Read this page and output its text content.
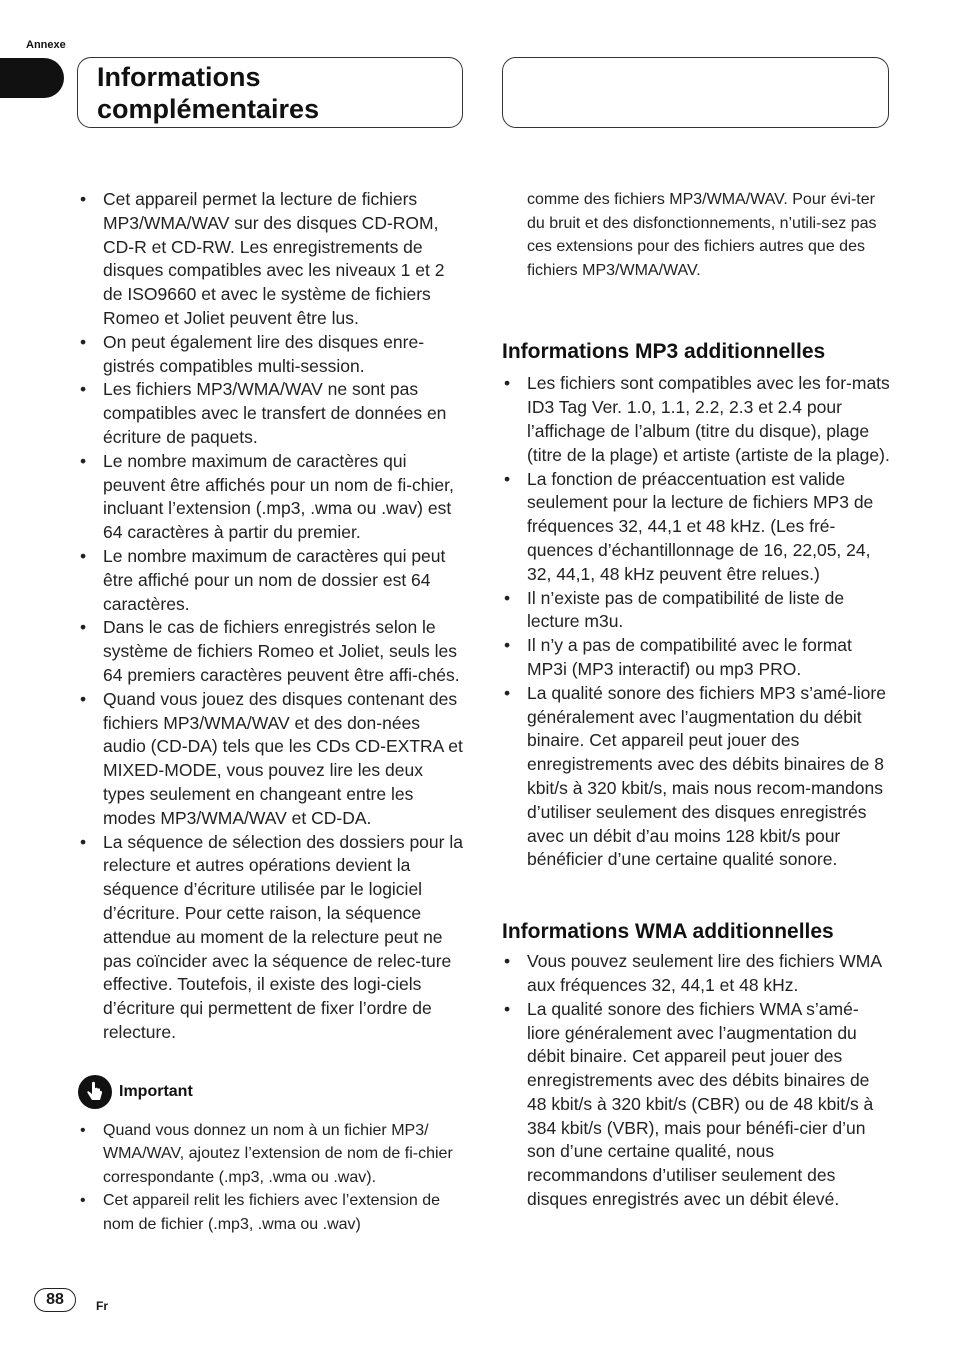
Annexe
Informations
complémentaires
• Cet appareil permet la lecture de fichiers MP3/WMA/WAV sur des disques CD-ROM, CD-R et CD-RW. Les enregistrements de disques compatibles avec les niveaux 1 et 2 de ISO9660 et avec le système de fichiers Romeo et Joliet peuvent être lus.
• On peut également lire des disques enre-gistrés compatibles multi-session.
• Les fichiers MP3/WMA/WAV ne sont pas compatibles avec le transfert de données en écriture de paquets.
• Le nombre maximum de caractères qui peuvent être affichés pour un nom de fi-chier, incluant l’extension (.mp3, .wma ou .wav) est 64 caractères à partir du premier.
• Le nombre maximum de caractères qui peut être affiché pour un nom de dossier est 64 caractères.
• Dans le cas de fichiers enregistrés selon le système de fichiers Romeo et Joliet, seuls les 64 premiers caractères peuvent être affi-chés.
• Quand vous jouez des disques contenant des fichiers MP3/WMA/WAV et des don-nées audio (CD-DA) tels que les CDs CD-EXTRA et MIXED-MODE, vous pouvez lire les deux types seulement en changeant entre les modes MP3/WMA/WAV et CD-DA.
• La séquence de sélection des dossiers pour la relecture et autres opérations devient la séquence d’écriture utilisée par le logiciel d’écriture. Pour cette raison, la séquence attendue au moment de la relecture peut ne pas coïncider avec la séquence de relec-ture effective. Toutefois, il existe des logi-ciels d’écriture qui permettent de fixer l’ordre de relecture.
Important
• Quand vous donnez un nom à un fichier MP3/ WMA/WAV, ajoutez l’extension de nom de fi-chier correspondante (.mp3, .wma ou .wav).
• Cet appareil relit les fichiers avec l’extension de nom de fichier (.mp3, .wma ou .wav)

comme des fichiers MP3/WMA/WAV. Pour évi-ter du bruit et des disfonctionnements, n’utili-sez pas ces extensions pour des fichiers autres que des fichiers MP3/WMA/WAV.

Informations MP3 additionnelles
• Les fichiers sont compatibles avec les for-mats ID3 Tag Ver. 1.0, 1.1, 2.2, 2.3 et 2.4 pour l’affichage de l’album (titre du disque), plage (titre de la plage) et artiste (artiste de la plage).
• La fonction de préaccentuation est valide seulement pour la lecture de fichiers MP3 de fréquences 32, 44,1 et 48 kHz. (Les fré-quences d’échantillonnage de 16, 22,05, 24, 32, 44,1, 48 kHz peuvent être relues.)
• Il n’existe pas de compatibilité de liste de lecture m3u.
• Il n’y a pas de compatibilité avec le format MP3i (MP3 interactif) ou mp3 PRO.
• La qualité sonore des fichiers MP3 s’amé-liore généralement avec l’augmentation du débit binaire. Cet appareil peut jouer des enregistrements avec des débits binaires de 8 kbit/s à 320 kbit/s, mais nous recom-mandons d’utiliser seulement des disques enregistrés avec un débit d’au moins 128 kbit/s pour bénéficier d’une certaine qualité sonore.
Informations WMA additionnelles
• Vous pouvez seulement lire des fichiers WMA aux fréquences 32, 44,1 et 48 kHz.
• La qualité sonore des fichiers WMA s’amé-liore généralement avec l’augmentation du débit binaire. Cet appareil peut jouer des enregistrements avec des débits binaires de 48 kbit/s à 320 kbit/s (CBR) ou de 48 kbit/s à 384 kbit/s (VBR), mais pour bénéfi-cier d’un son d’une certaine qualité, nous recommandons d’utiliser seulement des disques enregistrés avec un débit élevé.
88	Fr
